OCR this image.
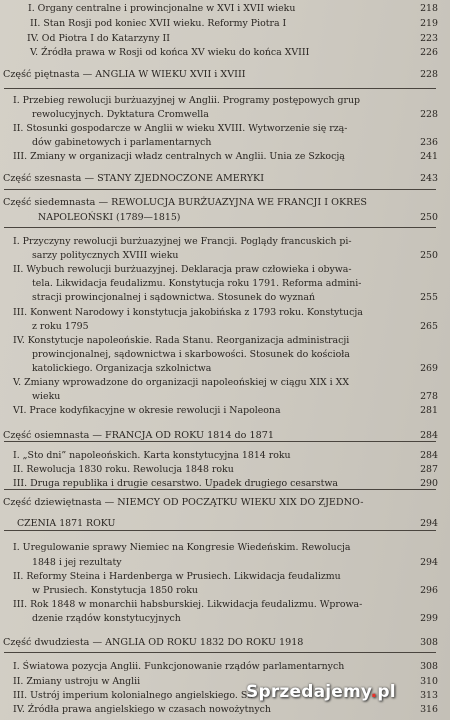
I. Organy centralne i prowincjonalne w XVI i XVII wieku	218
II. Stan Rosji pod koniec XVII wieku. Reformy Piotra I	219
IV. Od Piotra I do Katarzyny II	223
V. Źródła prawa w Rosji od końca XV wieku do końca XVIII	226
Część piętnasta — ANGLIA W WIEKU XVII i XVIII	228
I. Przebieg rewolucji burżuazyjnej w Anglii. Programy postępowych grup
rewolucyjnych. Dyktatura Cromwella	228
II. Stosunki gospodarcze w Anglii w wieku XVIII. Wytworzenie się rzą-
dów gabinetowych i parlamentarnych	236
III. Zmiany w organizacji władz centralnych w Anglii. Unia ze Szkocją	241
Część szesnasta — STANY ZJEDNOCZONE AMERYKI	243
Część siedemnasta — REWOLUCJA BURŻUAZYJNA WE FRANCJI I OKRES
NAPOLEOŃSKI (1789—1815)	250
I. Przyczyny rewolucji burżuazyjnej we Francji. Poglądy francuskich pi-
sarzy politycznych XVIII wieku	250
II. Wybuch rewolucji burżuazyjnej. Deklaracja praw człowieka i obywa-
tela. Likwidacja feudalizmu. Konstytucja roku 1791. Reforma admini-
stracji prowincjonalnej i sądownictwa. Stosunek do wyznań	255
III. Konwent Narodowy i konstytucja jakobińska z 1793 roku. Konstytucja
z roku 1795	265
IV. Konstytucje napoleońskie. Rada Stanu. Reorganizacja administracji
prowincjonalnej, sądownictwa i skarbowości. Stosunek do kościoła
katolickiego. Organizacja szkolnictwa	269
V. Zmiany wprowadzone do organizacji napoleońskiej w ciągu XIX i XX
wieku	278
VI. Prace kodyfikacyjne w okresie rewolucji i Napoleona	281
Część osiemnasta — FRANCJA OD ROKU 1814 do 1871	284
I. „Sto dni” napoleońskich. Karta konstytucyjna 1814 roku	284
II. Rewolucja 1830 roku. Rewolucja 1848 roku	287
III. Druga republika i drugie cesarstwo. Upadek drugiego cesarstwa	290
Część dziewiętnasta — NIEMCY OD POCZĄTKU WIEKU XIX DO ZJEDNO-
CZENIA 1871 ROKU	294
I. Uregulowanie sprawy Niemiec na Kongresie Wiedeńskim. Rewolucja
1848 i jej rezultaty	294
II. Reformy Steina i Hardenberga w Prusiech. Likwidacja feudalizmu
w Prusiech. Konstytucja 1850 roku	296
III. Rok 1848 w monarchii habsburskiej. Likwidacja feudalizmu. Wprowa-
dzenie rządów konstytucyjnych	299
Część dwudziesta — ANGLIA OD ROKU 1832 DO ROKU 1918	308
I. Światowa pozycja Anglii. Funkcjonowanie rządów parlamentarnych	308
II. Zmiany ustroju w Anglii	310
III. Ustrój imperium kolonialnego angielskiego. Sa	313
IV. Źródła prawa angielskiego w czasach nowożytnych	316
Sprzedajemy.pl
